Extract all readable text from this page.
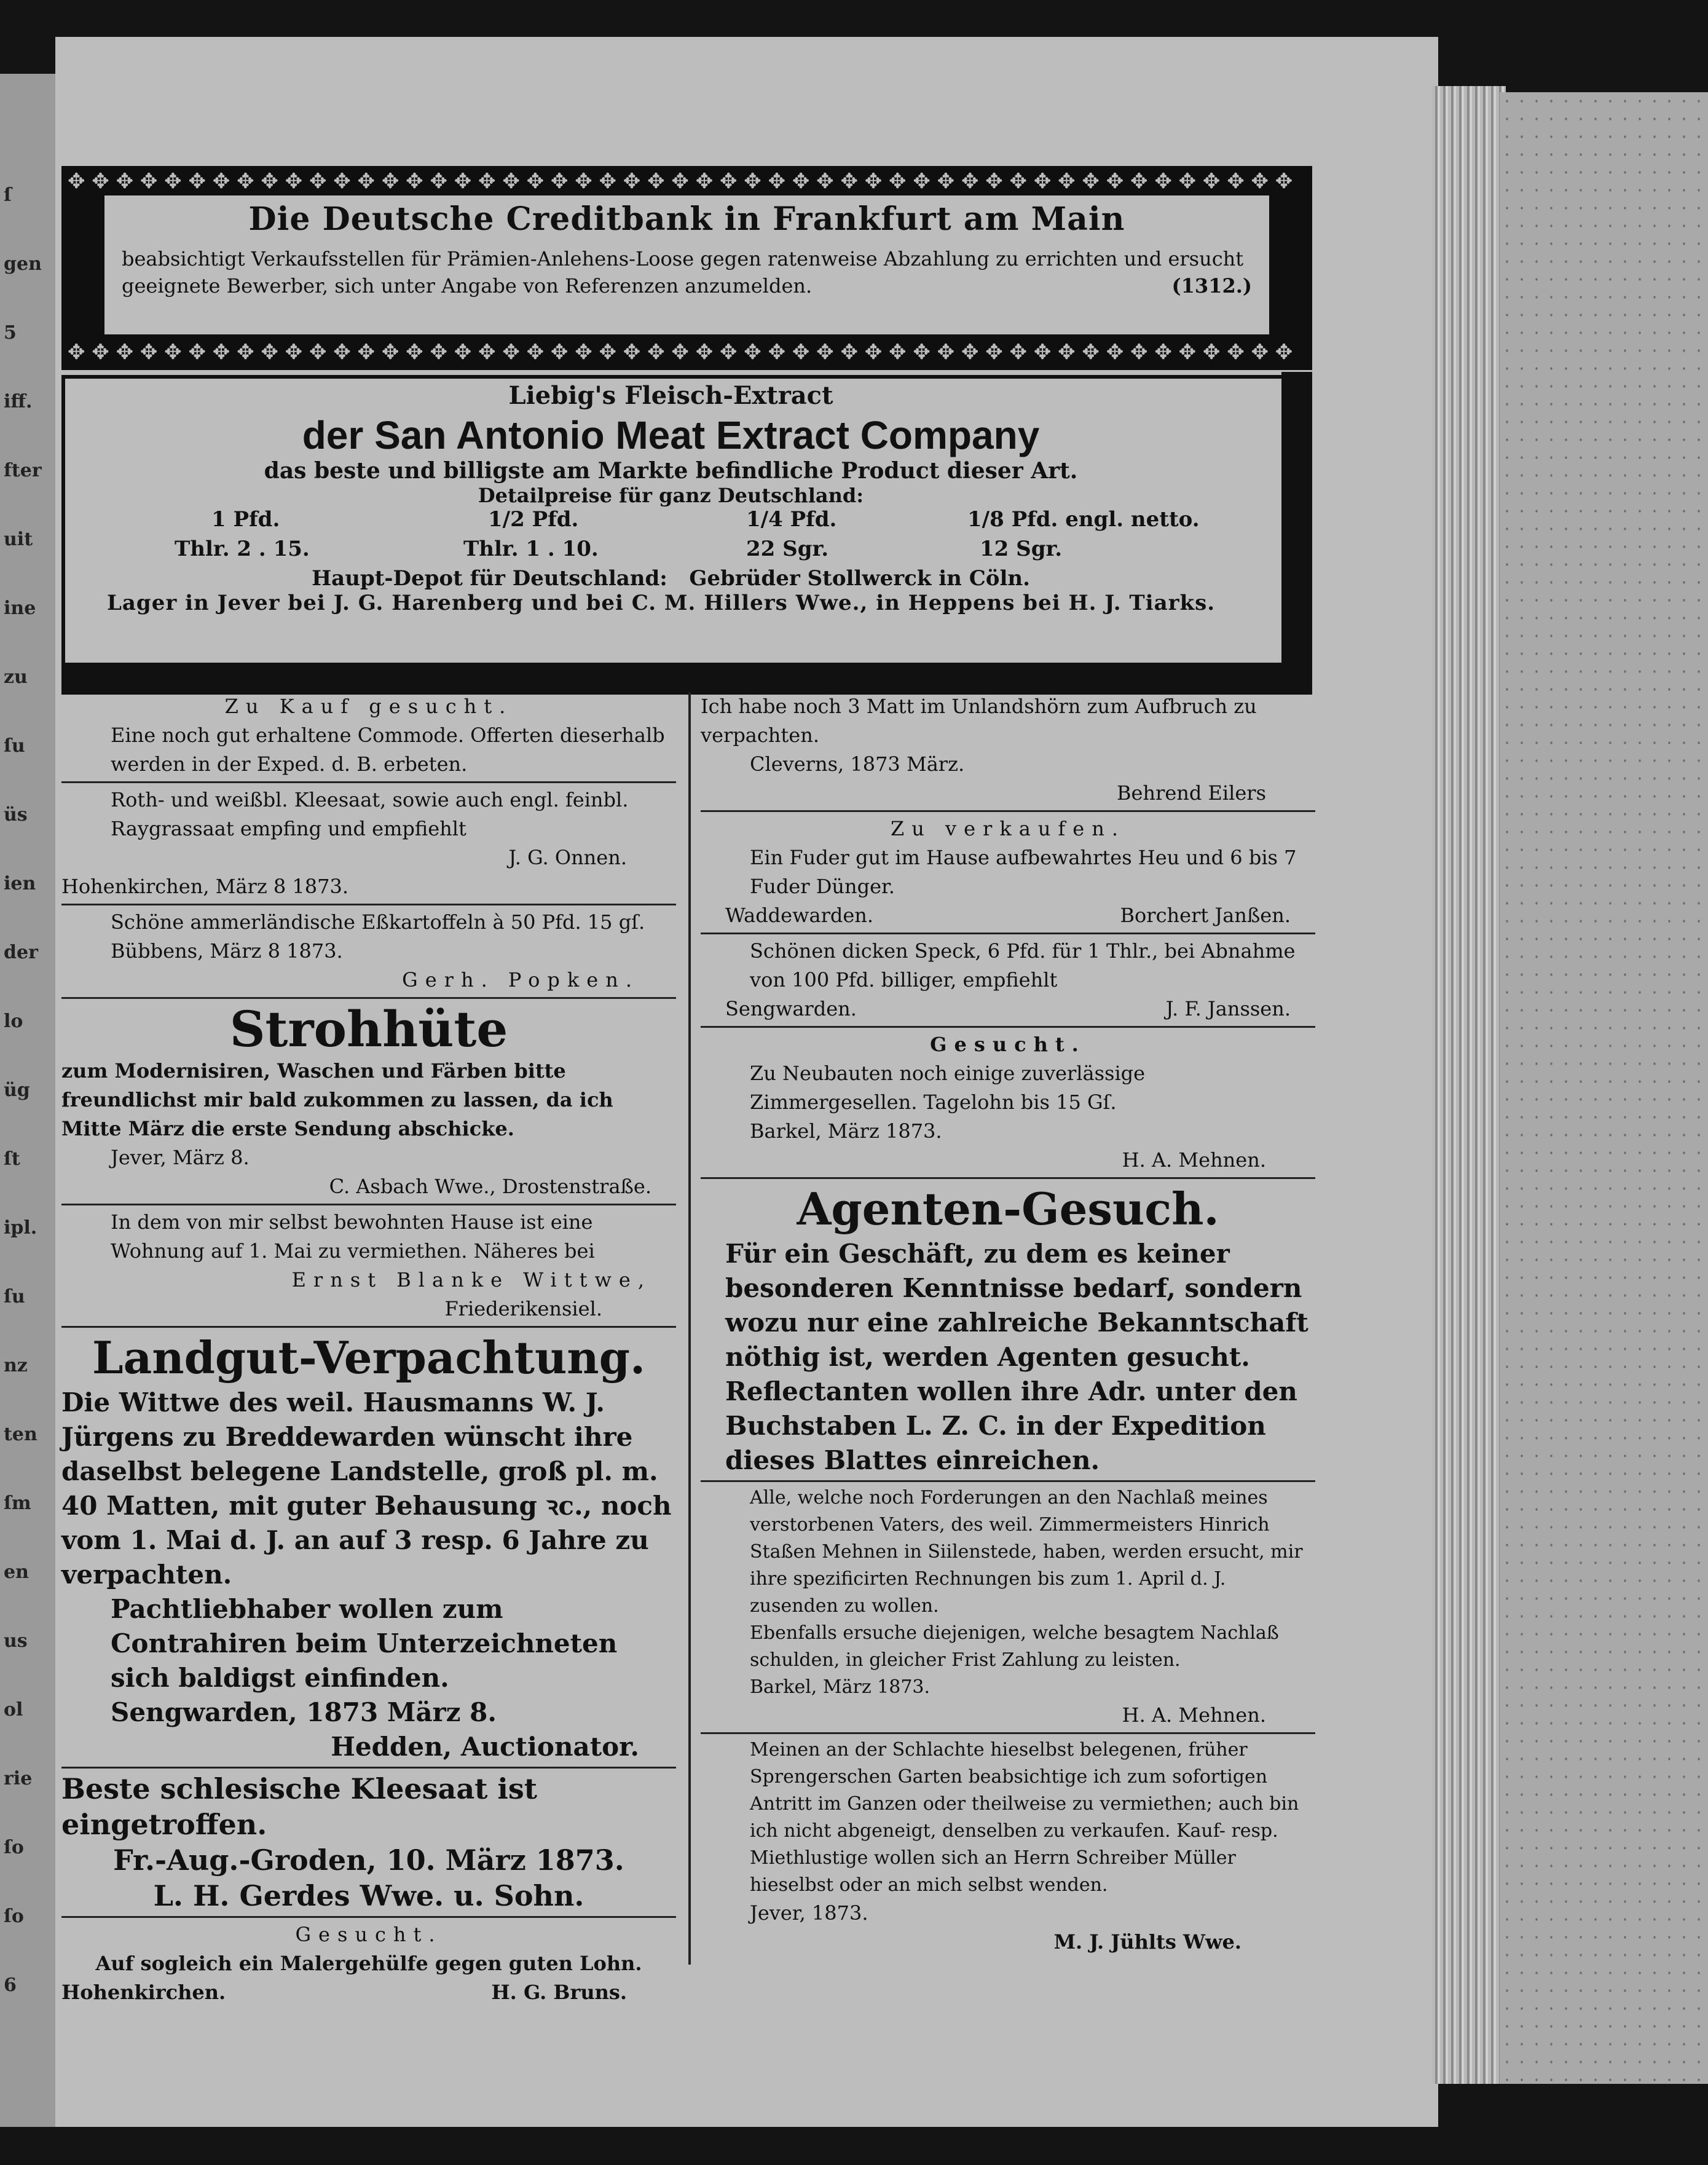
ſ
gen
5
iff.
fter
uit
ine
zu
ſu
üs
ien
der
lo
üg
ſt
ipl.
ſu
nz
ten
ſm
en
us
ol
rie
ſo
ſo
6
✥ ✥ ✥ ✥ ✥ ✥ ✥ ✥ ✥ ✥ ✥ ✥ ✥ ✥ ✥ ✥ ✥ ✥ ✥ ✥ ✥ ✥ ✥ ✥ ✥ ✥ ✥ ✥ ✥ ✥ ✥ ✥ ✥ ✥ ✥ ✥ ✥ ✥ ✥ ✥ ✥ ✥ ✥ ✥ ✥ ✥ ✥ ✥ ✥ ✥ ✥
✥ ✥ ✥ ✥ ✥ ✥ ✥ ✥ ✥ ✥ ✥ ✥ ✥ ✥ ✥ ✥ ✥ ✥ ✥ ✥ ✥ ✥ ✥ ✥ ✥ ✥ ✥ ✥ ✥ ✥ ✥ ✥ ✥ ✥ ✥ ✥ ✥ ✥ ✥ ✥ ✥ ✥ ✥ ✥ ✥ ✥ ✥ ✥ ✥ ✥ ✥
Die Deutsche Creditbank in Frankfurt am Main
beabsichtigt Verkaufsstellen für Prämien-Anlehens-Loose gegen ratenweise Abzahlung zu errichten und ersucht geeignete Bewerber, sich unter Angabe von Referenzen anzumelden.	(1312.)
Liebig's Fleisch-Extract
der San Antonio Meat Extract Company
das beste und billigste am Markte befindliche Product dieser Art.
Detailpreise für ganz Deutschland:
1 Pfd.	1/2 Pfd.	1/4 Pfd.	1/8 Pfd. engl. netto.
Thlr. 2 . 15.	Thlr. 1 . 10.	22 Sgr.	12 Sgr.
Haupt-Depot für Deutschland: Gebrüder Stollwerck in Cöln.
Lager in Jever bei J. G. Harenberg und bei C. M. Hillers Wwe., in Heppens bei H. J. Tiarks.

Zu Kauf gesucht.

Eine noch gut erhaltene Commode. Offerten dieserhalb werden in der Exped. d. B. erbeten.

Roth- und weißbl. Kleesaat, sowie auch engl. feinbl. Raygrassaat empfing und empfiehlt

J. G. Onnen.

Hohenkirchen, März 8 1873.

Schöne ammerländische Eßkartoffeln à 50 Pfd. 15 gſ.

Bübbens, März 8 1873.

Gerh. Popken.

Strohhüte

zum Modernisiren, Waschen und Färben bitte freundlichst mir bald zukommen zu lassen, da ich Mitte März die erste Sendung abschicke.

Jever, März 8.

C. Asbach Wwe., Drostenstraße.

In dem von mir selbst bewohnten Hause ist eine Wohnung auf 1. Mai zu vermiethen. Näheres bei

Ernst Blanke Wittwe,

Friederikensiel.

Landgut-Verpachtung.

Die Wittwe des weil. Hausmanns W. J. Jürgens zu Breddewarden wünscht ihre daselbst belegene Landstelle, groß pl. m. 40 Matten, mit guter Behausung ꝛc., noch vom 1. Mai d. J. an auf 3 resp. 6 Jahre zu verpachten.

Pachtliebhaber wollen zum Contrahiren beim Unterzeichneten sich baldigst einfinden.

Sengwarden, 1873 März 8.

Hedden, Auctionator.

Beste schlesische Kleesaat ist eingetroffen.

Fr.-Aug.-Groden, 10. März 1873.

L. H. Gerdes Wwe. u. Sohn.

Gesucht.

Auf sogleich ein Malergehülfe gegen guten Lohn.

Hohenkirchen.	H. G. Bruns.

Ich habe noch 3 Matt im Unlandshörn zum Aufbruch zu verpachten.

Cleverns, 1873 März.

Behrend Eilers

Zu verkaufen.

Ein Fuder gut im Hause aufbewahrtes Heu und 6 bis 7 Fuder Dünger.

Waddewarden.	Borchert Janßen.

Schönen dicken Speck, 6 Pfd. für 1 Thlr., bei Abnahme von 100 Pfd. billiger, empfiehlt

Sengwarden.	J. F. Janssen.

Gesucht.

Zu Neubauten noch einige zuverlässige Zimmergesellen. Tagelohn bis 15 Gſ.

Barkel, März 1873.

H. A. Mehnen.

Agenten-Gesuch.

Für ein Geschäft, zu dem es keiner besonderen Kenntnisse bedarf, sondern wozu nur eine zahlreiche Bekanntschaft nöthig ist, werden Agenten gesucht. Reflectanten wollen ihre Adr. unter den Buchstaben L. Z. C. in der Expedition dieses Blattes einreichen.

Alle, welche noch Forderungen an den Nachlaß meines verstorbenen Vaters, des weil. Zimmermeisters Hinrich Staßen Mehnen in Siilenstede, haben, werden ersucht, mir ihre spezificirten Rechnungen bis zum 1. April d. J. zusenden zu wollen.

Ebenfalls ersuche diejenigen, welche besagtem Nachlaß schulden, in gleicher Frist Zahlung zu leisten.

Barkel, März 1873.

H. A. Mehnen.

Meinen an der Schlachte hieselbst belegenen, früher Sprengerschen Garten beabsichtige ich zum sofortigen Antritt im Ganzen oder theilweise zu vermiethen; auch bin ich nicht abgeneigt, denselben zu verkaufen. Kauf- resp. Miethlustige wollen sich an Herrn Schreiber Müller hieselbst oder an mich selbst wenden.

Jever, 1873.

M. J. Jühlts Wwe.
